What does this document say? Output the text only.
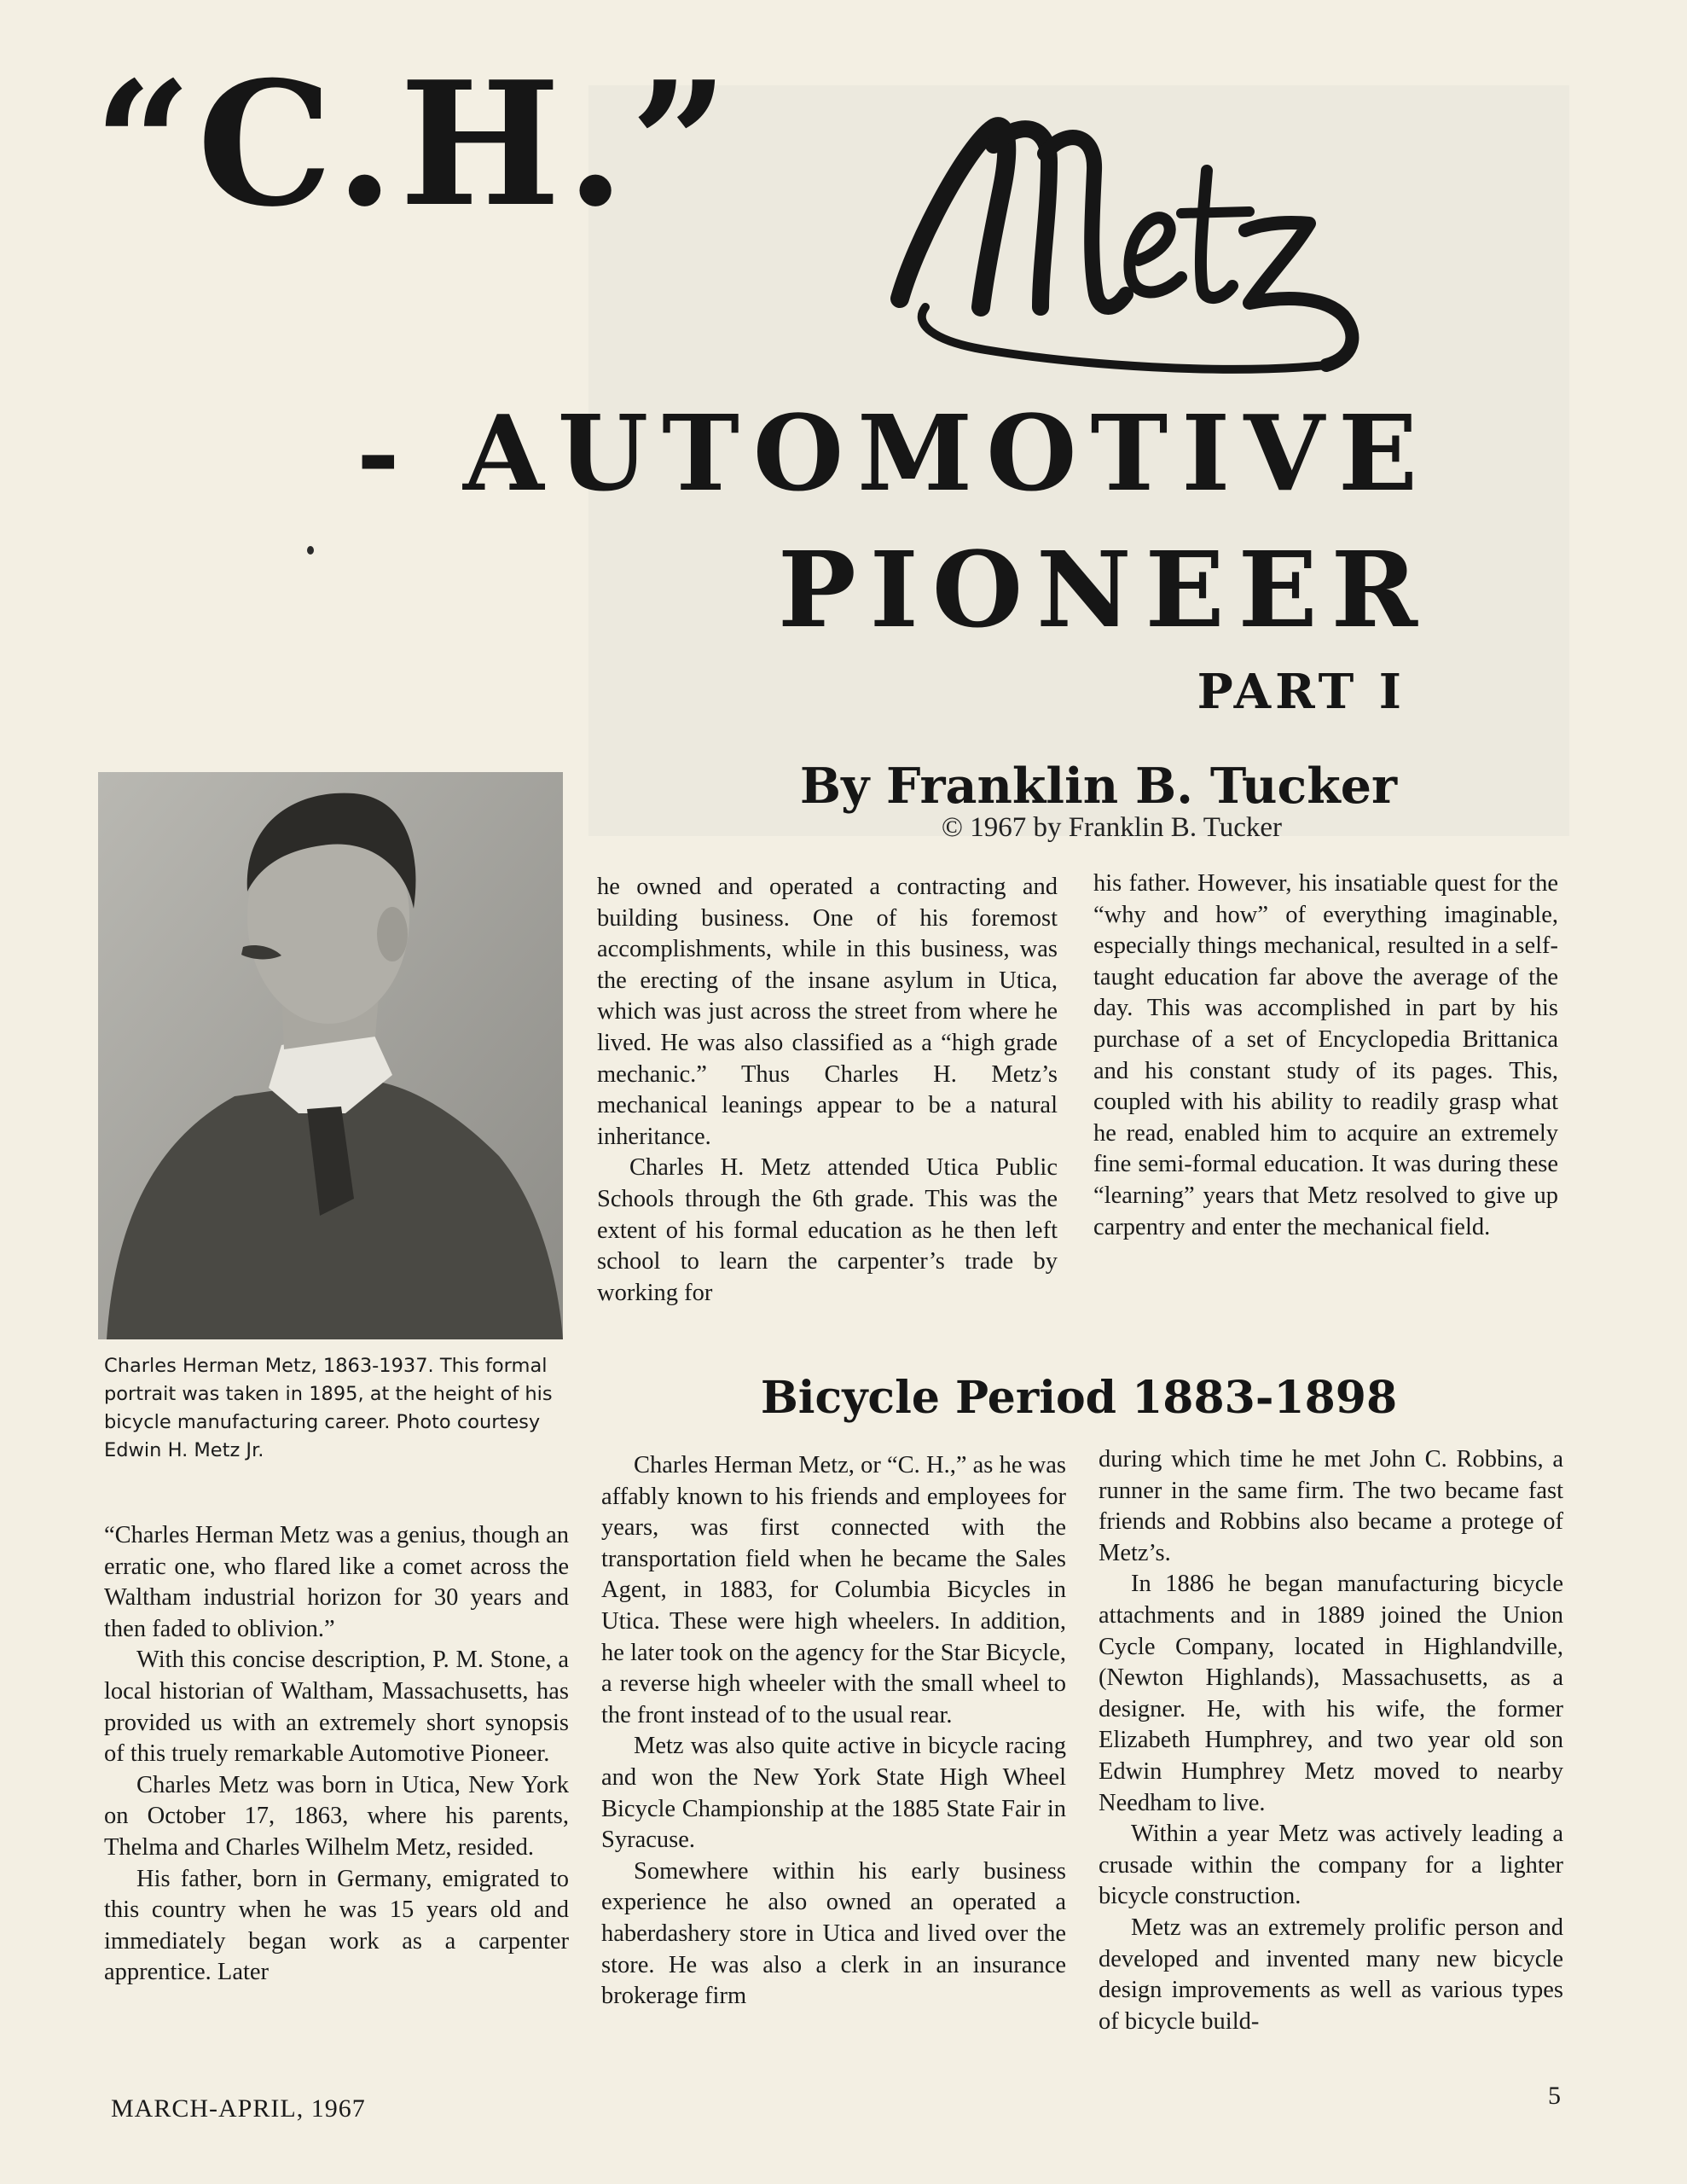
“C.H.”	Metz
- AUTOMOTIVE
PIONEER
PART I
By Franklin B. Tucker
© 1967 by Franklin B. Tucker
Charles Herman Metz, 1863-1937. This formal portrait was taken in 1895, at the height of his bicycle manufacturing career. Photo courtesy Edwin H. Metz Jr.

“Charles Herman Metz was a genius, though an erratic one, who flared like a comet across the Waltham industrial horizon for 30 years and then faded to oblivion.”

With this concise description, P. M. Stone, a local historian of Waltham, Massachusetts, has provided us with an extremely short synopsis of this truely remarkable Automotive Pioneer.

Charles Metz was born in Utica, New York on October 17, 1863, where his parents, Thelma and Charles Wilhelm Metz, resided.

His father, born in Germany, emigrated to this country when he was 15 years old and immediately began work as a carpenter apprentice. Later

he owned and operated a contracting and building business. One of his foremost accomplishments, while in this business, was the erecting of the insane asylum in Utica, which was just across the street from where he lived. He was also classified as a “high grade mechanic.” Thus Charles H. Metz’s mechanical leanings appear to be a natural inheritance.

Charles H. Metz attended Utica Public Schools through the 6th grade. This was the extent of his formal education as he then left school to learn the carpenter’s trade by working for

his father. However, his insatiable quest for the “why and how” of everything imaginable, especially things mechanical, resulted in a self-taught education far above the average of the day. This was accomplished in part by his purchase of a set of Encyclopedia Brittanica and his constant study of its pages. This, coupled with his ability to readily grasp what he read, enabled him to acquire an extremely fine semi-formal education. It was during these “learning” years that Metz resolved to give up carpentry and enter the mechanical field.

Bicycle Period 1883-1898

Charles Herman Metz, or “C. H.,” as he was affably known to his friends and employees for years, was first connected with the transportation field when he became the Sales Agent, in 1883, for Columbia Bicycles in Utica. These were high wheelers. In addition, he later took on the agency for the Star Bicycle, a reverse high wheeler with the small wheel to the front instead of to the usual rear.

Metz was also quite active in bicycle racing and won the New York State High Wheel Bicycle Championship at the 1885 State Fair in Syracuse.

Somewhere within his early business experience he also owned an operated a haberdashery store in Utica and lived over the store. He was also a clerk in an insurance brokerage firm

during which time he met John C. Robbins, a runner in the same firm. The two became fast friends and Robbins also became a protege of Metz’s.

In 1886 he began manufacturing bicycle attachments and in 1889 joined the Union Cycle Company, located in Highlandville, (Newton Highlands), Massachusetts, as a designer. He, with his wife, the former Elizabeth Humphrey, and two year old son Edwin Humphrey Metz moved to nearby Needham to live.

Within a year Metz was actively leading a crusade within the company for a lighter bicycle construction.

Metz was an extremely prolific person and developed and invented many new bicycle design improvements as well as various types of bicycle build-

MARCH-APRIL, 1967	5
